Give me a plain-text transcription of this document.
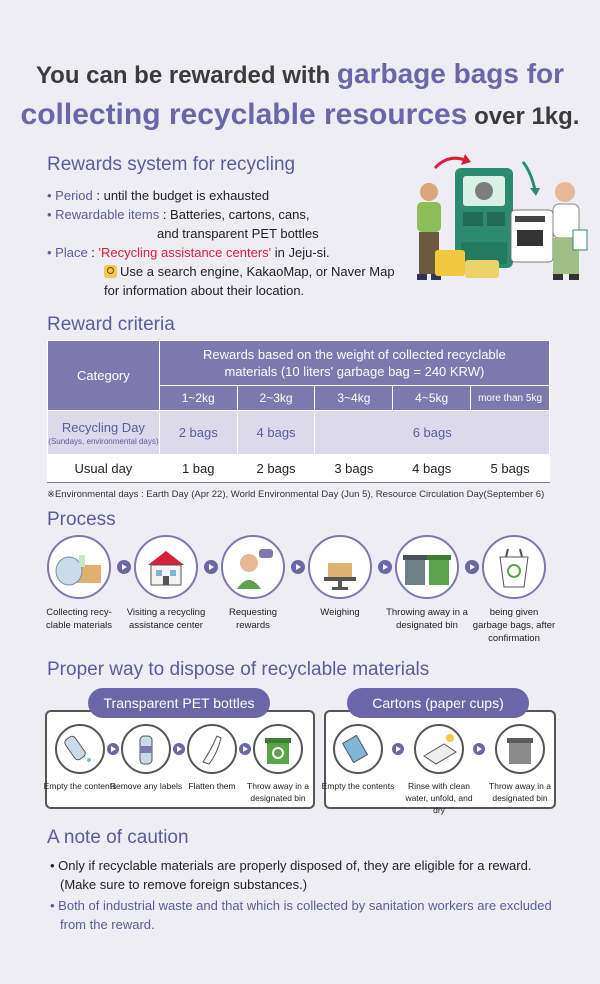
You can be rewarded with garbage bags for
collecting recyclable resources over 1kg.
Rewards system for recycling
• Period : until the budget is exhausted
• Rewardable items : Batteries, cartons, cans,
and transparent PET bottles
• Place : 'Recycling assistance centers' in Jeju-si.
Use a search engine, KakaoMap, or Naver Map
for information about their location.
Reward criteria
Category	Rewards based on the weight of collected recyclable materials (10 liters' garbage bag = 240 KRW)				
	1~2kg	2~3kg	3~4kg	4~5kg	more than 5kg
Recycling Day
(Sundays, environmental days)	2 bags	4 bags	6 bags		
Usual day	1 bag	2 bags	3 bags	4 bags	5 bags
※Environmental days : Earth Day (Apr 22), World Environmental Day (Jun 5), Resource Circulation Day(September 6)
Process
Collecting recy-clable materials
Visiting a recycling assistance center
Requesting rewards
Weighing	Throwing away in a designated bin
being given garbage bags, after confirmation
Proper way to dispose of recyclable materials
Transparent PET bottles
Empty the contents
Remove any labels Flatten them	Throw away in a designated bin
Cartons (paper cups)
Empty the contents	Rinse with clean water, unfold, and dry
Throw away in a designated bin
A note of caution
• Only if recyclable materials are properly disposed of, they are eligible for a reward. (Make sure to remove foreign substances.)
• Both of industrial waste and that which is collected by sanitation workers are excluded from the reward.
